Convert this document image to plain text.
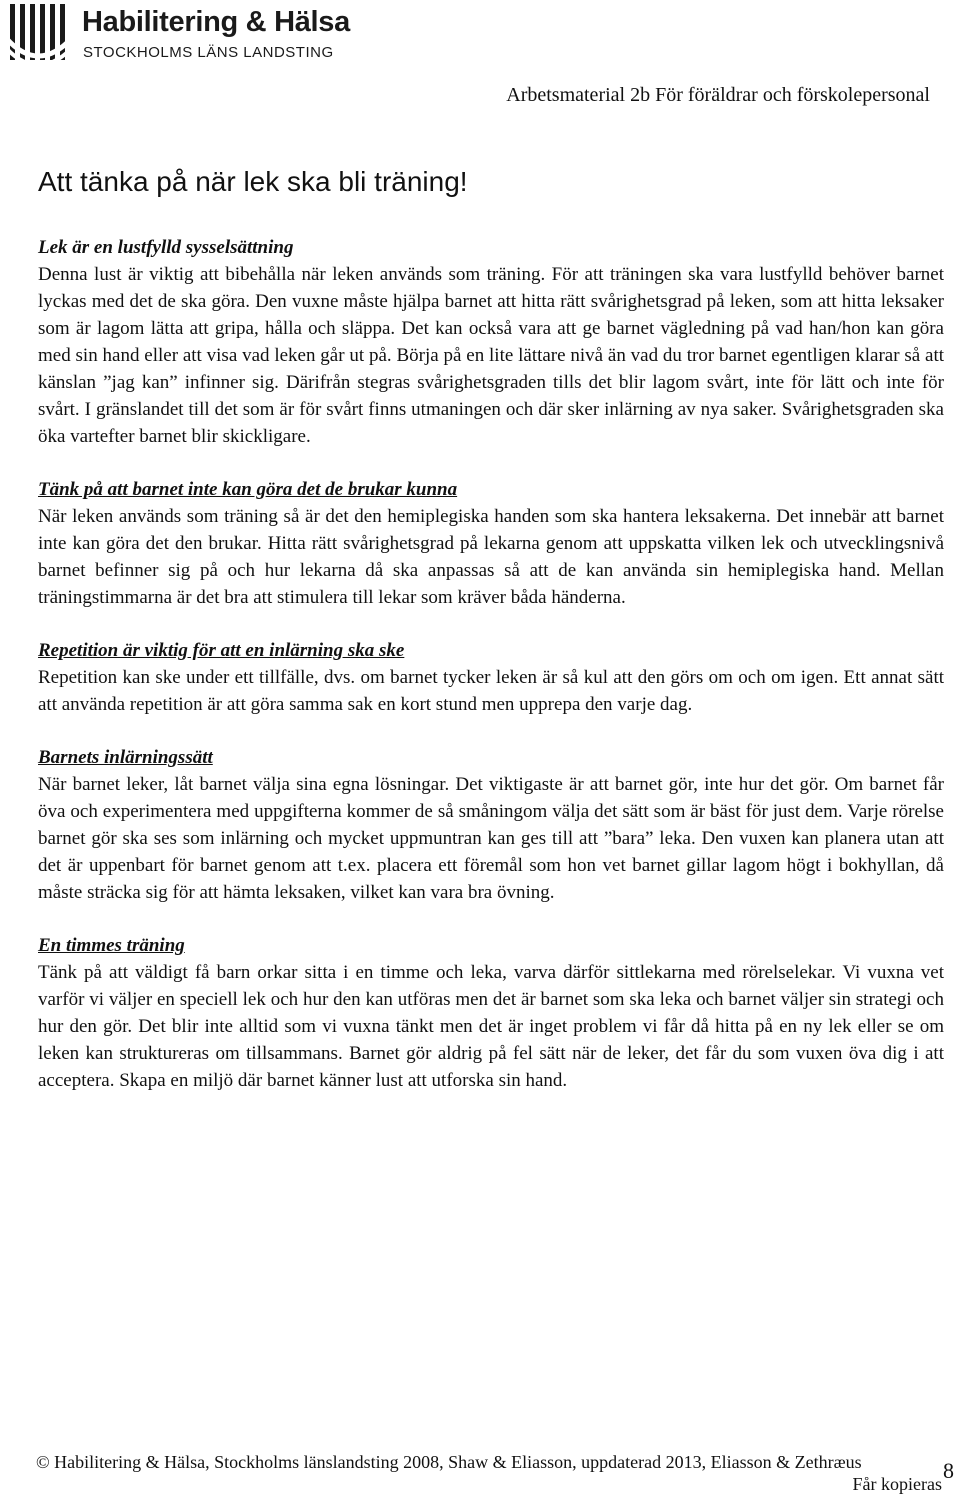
Habilitering & Hälsa
STOCKHOLMS LÄNS LANDSTING
Arbetsmaterial 2b För föräldrar och förskolepersonal
Att tänka på när lek ska bli träning!

Lek är en lustfylld sysselsättning

Denna lust är viktig att bibehålla när leken används som träning. För att träningen ska vara lustfylld behöver barnet lyckas med det de ska göra. Den vuxne måste hjälpa barnet att hitta rätt svårighetsgrad på leken, som att hitta leksaker som är lagom lätta att gripa, hålla och släppa. Det kan också vara att ge barnet vägledning på vad han/hon kan göra med sin hand eller att visa vad leken går ut på. Börja på en lite lättare nivå än vad du tror barnet egentligen klarar så att känslan ”jag kan” infinner sig. Därifrån stegras svårighetsgraden tills det blir lagom svårt, inte för lätt och inte för svårt. I gränslandet till det som är för svårt finns utmaningen och där sker inlärning av nya saker. Svårighetsgraden ska öka vartefter barnet blir skickligare.

Tänk på att barnet inte kan göra det de brukar kunna

När leken används som träning så är det den hemiplegiska handen som ska hantera leksakerna. Det innebär att barnet inte kan göra det den brukar. Hitta rätt svårighetsgrad på lekarna genom att uppskatta vilken lek och utvecklingsnivå barnet befinner sig på och hur lekarna då ska anpassas så att de kan använda sin hemiplegiska hand. Mellan träningstimmarna är det bra att stimulera till lekar som kräver båda händerna.

Repetition är viktig för att en inlärning ska ske

Repetition kan ske under ett tillfälle, dvs. om barnet tycker leken är så kul att den görs om och om igen. Ett annat sätt att använda repetition är att göra samma sak en kort stund men upprepa den varje dag.

Barnets inlärningssätt

När barnet leker, låt barnet välja sina egna lösningar. Det viktigaste är att barnet gör, inte hur det gör. Om barnet får öva och experimentera med uppgifterna kommer de så småningom välja det sätt som är bäst för just dem. Varje rörelse barnet gör ska ses som inlärning och mycket uppmuntran kan ges till att ”bara” leka. Den vuxen kan planera utan att det är uppenbart för barnet genom att t.ex. placera ett föremål som hon vet barnet gillar lagom högt i bokhyllan, då måste sträcka sig för att hämta leksaken, vilket kan vara bra övning.

En timmes träning

Tänk på att väldigt få barn orkar sitta i en timme och leka, varva därför sittlekarna med rörelselekar. Vi vuxna vet varför vi väljer en speciell lek och hur den kan utföras men det är barnet som ska leka och barnet väljer sin strategi och hur den gör. Det blir inte alltid som vi vuxna tänkt men det är inget problem vi får då hitta på en ny lek eller se om leken kan struktureras om tillsammans. Barnet gör aldrig på fel sätt när de leker, det får du som vuxen öva dig i att acceptera. Skapa en miljö där barnet känner lust att utforska sin hand.

© Habilitering & Hälsa, Stockholms länslandsting 2008, Shaw & Eliasson, uppdaterad 2013, Eliasson & Zethræus
Får kopieras
8
